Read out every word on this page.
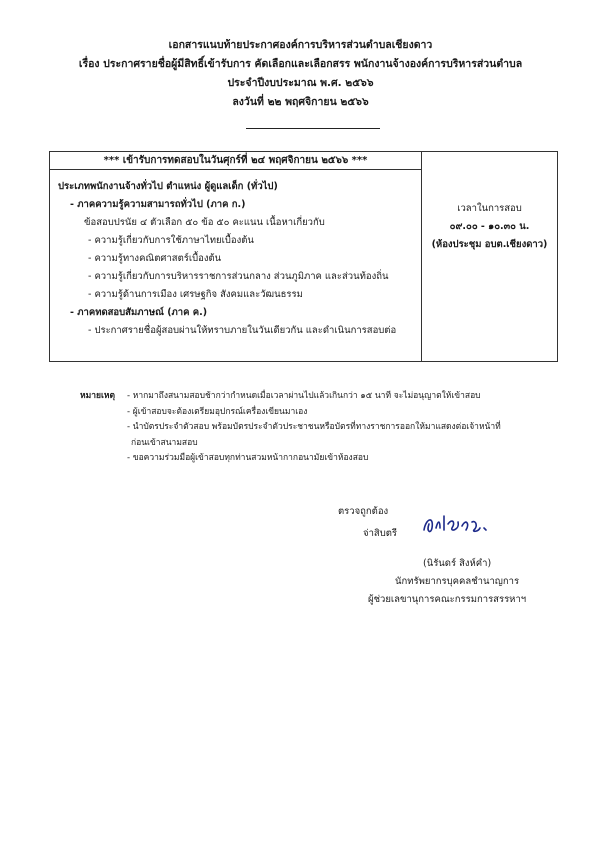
เอกสารแนบท้ายประกาศองค์การบริหารส่วนตำบลเชียงดาว
เรื่อง ประกาศรายชื่อผู้มีสิทธิ์เข้ารับการ คัดเลือกและเลือกสรร พนักงานจ้างองค์การบริหารส่วนตำบล
ประจำปีงบประมาณ พ.ศ. ๒๕๖๖
ลงวันที่ ๒๒ พฤศจิกายน ๒๕๖๖
*** เข้ารับการทดสอบในวันศุกร์ที่ ๒๔ พฤศจิกายน ๒๕๖๖ ***
ประเภทพนักงานจ้างทั่วไป ตำแหน่ง ผู้ดูแลเด็ก (ทั่วไป)
- ภาคความรู้ความสามารถทั่วไป (ภาค ก.)
ข้อสอบปรนัย ๔ ตัวเลือก ๕๐ ข้อ ๕๐ คะแนน เนื้อหาเกี่ยวกับ
- ความรู้เกี่ยวกับการใช้ภาษาไทยเบื้องต้น
- ความรู้ทางคณิตศาสตร์เบื้องต้น
- ความรู้เกี่ยวกับการบริหารราชการส่วนกลาง ส่วนภูมิภาค และส่วนท้องถิ่น
- ความรู้ด้านการเมือง เศรษฐกิจ สังคมและวัฒนธรรม
- ภาคทดสอบสัมภาษณ์ (ภาค ค.)
- ประกาศรายชื่อผู้สอบผ่านให้ทราบภายในวันเดียวกัน และดำเนินการสอบต่อ
เวลาในการสอบ
๐๙.๐๐ - ๑๐.๓๐ น.
(ห้องประชุม อบต.เชียงดาว)
หมายเหตุ - หากมาถึงสนามสอบช้ากว่ากำหนดเมื่อเวลาผ่านไปแล้วเกินกว่า ๑๕ นาที จะไม่อนุญาตให้เข้าสอบ
- ผู้เข้าสอบจะต้องเตรียมอุปกรณ์เครื่องเขียนมาเอง
- นำบัตรประจำตัวสอบ พร้อมบัตรประจำตัวประชาชนหรือบัตรที่ทางราชการออกให้มาแสดงต่อเจ้าหน้าที่
ก่อนเข้าสนามสอบ
- ขอความร่วมมือผู้เข้าสอบทุกท่านสวมหน้ากากอนามัยเข้าห้องสอบ
ตรวจถูกต้อง
จ่าสิบตรี
(นิรันดร์ สิงห์คำ)
นักทรัพยากรบุคคลชำนาญการ
ผู้ช่วยเลขานุการคณะกรรมการสรรหาฯ
